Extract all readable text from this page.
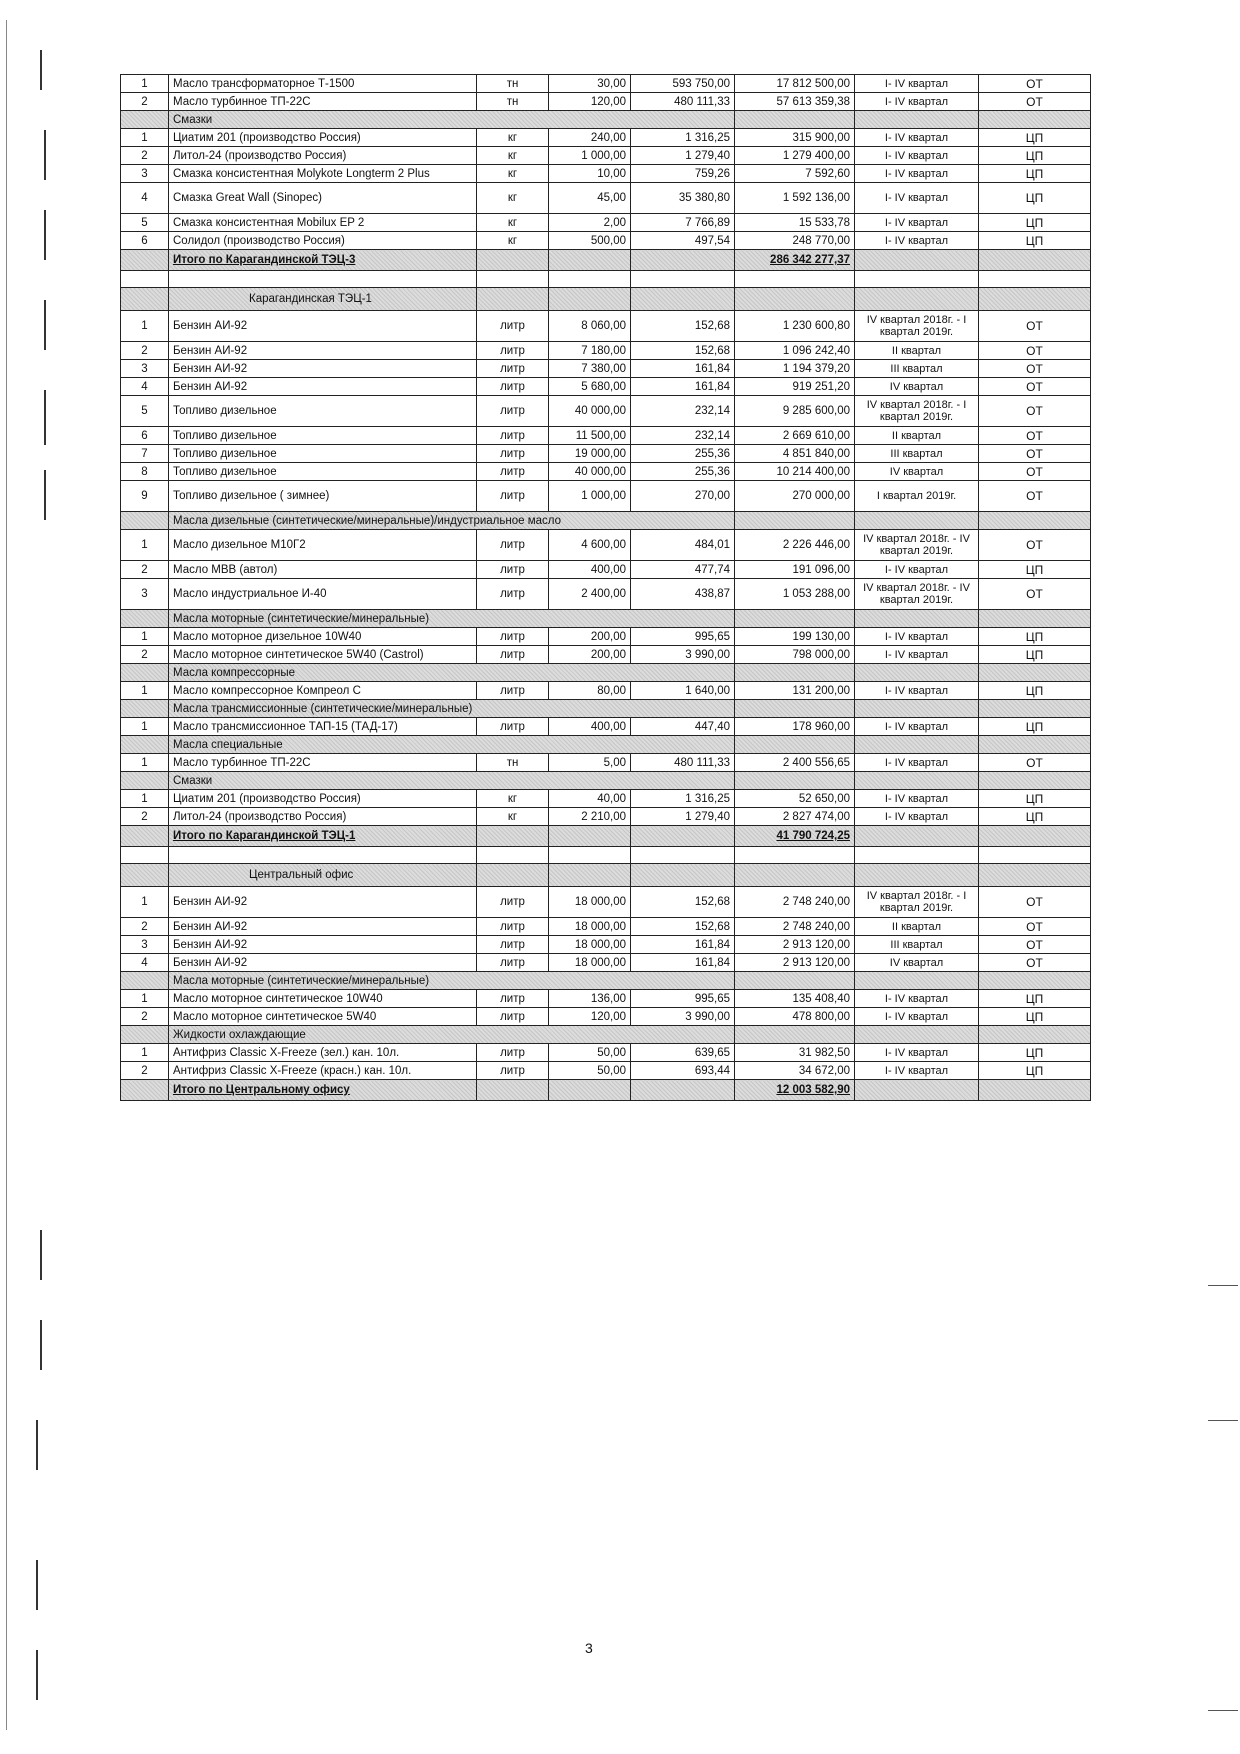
1	Масло трансформаторное Т-1500	тн	30,00	593 750,00	17 812 500,00	I- IV квартал	ОТ
2	Масло турбинное ТП-22С	тн	120,00	480 111,33	57 613 359,38	I- IV квартал	ОТ
	Смазки						
1	Циатим 201 (производство Россия)	кг	240,00	1 316,25	315 900,00	I- IV квартал	ЦП
2	Литол-24 (производство Россия)	кг	1 000,00	1 279,40	1 279 400,00	I- IV квартал	ЦП
3	Смазка консистентная Molykote Longterm 2 Plus	кг	10,00	759,26	7 592,60	I- IV квартал	ЦП
4	Смазка Great Wall (Sinopec)	кг	45,00	35 380,80	1 592 136,00	I- IV квартал	ЦП
5	Смазка консистентная Mobilux EP 2	кг	2,00	7 766,89	15 533,78	I- IV квартал	ЦП
6	Солидол (производство Россия)	кг	500,00	497,54	248 770,00	I- IV квартал	ЦП
	Итого по Карагандинской ТЭЦ-3				286 342 277,37		

	Карагандинская ТЭЦ-1						
1	Бензин АИ-92	литр	8 060,00	152,68	1 230 600,80	IV квартал 2018г. - I квартал 2019г.	ОТ
2	Бензин АИ-92	литр	7 180,00	152,68	1 096 242,40	II квартал	ОТ
3	Бензин АИ-92	литр	7 380,00	161,84	1 194 379,20	III квартал	ОТ
4	Бензин АИ-92	литр	5 680,00	161,84	919 251,20	IV квартал	ОТ
5	Топливо дизельное	литр	40 000,00	232,14	9 285 600,00	IV квартал 2018г. - I квартал 2019г.	ОТ
6	Топливо дизельное	литр	11 500,00	232,14	2 669 610,00	II квартал	ОТ
7	Топливо дизельное	литр	19 000,00	255,36	4 851 840,00	III квартал	ОТ
8	Топливо дизельное	литр	40 000,00	255,36	10 214 400,00	IV квартал	ОТ
9	Топливо дизельное ( зимнее)	литр	1 000,00	270,00	270 000,00	I квартал 2019г.	ОТ
	Масла дизельные (синтетические/минеральные)/индустриальное масло						
1	Масло дизельное М10Г2	литр	4 600,00	484,01	2 226 446,00	IV квартал 2018г. - IV квартал 2019г.	ОТ
2	Масло МВВ (автол)	литр	400,00	477,74	191 096,00	I- IV квартал	ЦП
3	Масло индустриальное И-40	литр	2 400,00	438,87	1 053 288,00	IV квартал 2018г. - IV квартал 2019г.	ОТ
	Масла моторные (синтетические/минеральные)						
1	Масло моторное дизельное 10W40	литр	200,00	995,65	199 130,00	I- IV квартал	ЦП
2	Масло моторное синтетическое 5W40 (Castrol)	литр	200,00	3 990,00	798 000,00	I- IV квартал	ЦП
	Масла компрессорные						
1	Масло компрессорное Компреол С	литр	80,00	1 640,00	131 200,00	I- IV квартал	ЦП
	Масла трансмиссионные (синтетические/минеральные)						
1	Масло трансмиссионное ТАП-15 (ТАД-17)	литр	400,00	447,40	178 960,00	I- IV квартал	ЦП
	Масла специальные						
1	Масло турбинное ТП-22С	тн	5,00	480 111,33	2 400 556,65	I- IV квартал	ОТ
	Смазки						
1	Циатим 201 (производство Россия)	кг	40,00	1 316,25	52 650,00	I- IV квартал	ЦП
2	Литол-24 (производство Россия)	кг	2 210,00	1 279,40	2 827 474,00	I- IV квартал	ЦП
	Итого по Карагандинской ТЭЦ-1				41 790 724,25		

	Центральный офис						
1	Бензин АИ-92	литр	18 000,00	152,68	2 748 240,00	IV квартал 2018г. - I квартал 2019г.	ОТ
2	Бензин АИ-92	литр	18 000,00	152,68	2 748 240,00	II квартал	ОТ
3	Бензин АИ-92	литр	18 000,00	161,84	2 913 120,00	III квартал	ОТ
4	Бензин АИ-92	литр	18 000,00	161,84	2 913 120,00	IV квартал	ОТ
	Масла моторные (синтетические/минеральные)						
1	Масло моторное синтетическое 10W40	литр	136,00	995,65	135 408,40	I- IV квартал	ЦП
2	Масло моторное синтетическое 5W40	литр	120,00	3 990,00	478 800,00	I- IV квартал	ЦП
	Жидкости охлаждающие						
1	Антифриз Classic X-Freeze (зел.) кан. 10л.	литр	50,00	639,65	31 982,50	I- IV квартал	ЦП
2	Антифриз Classic X-Freeze (красн.) кан. 10л.	литр	50,00	693,44	34 672,00	I- IV квартал	ЦП
	Итого по Центральному офису				12 003 582,90		
3
